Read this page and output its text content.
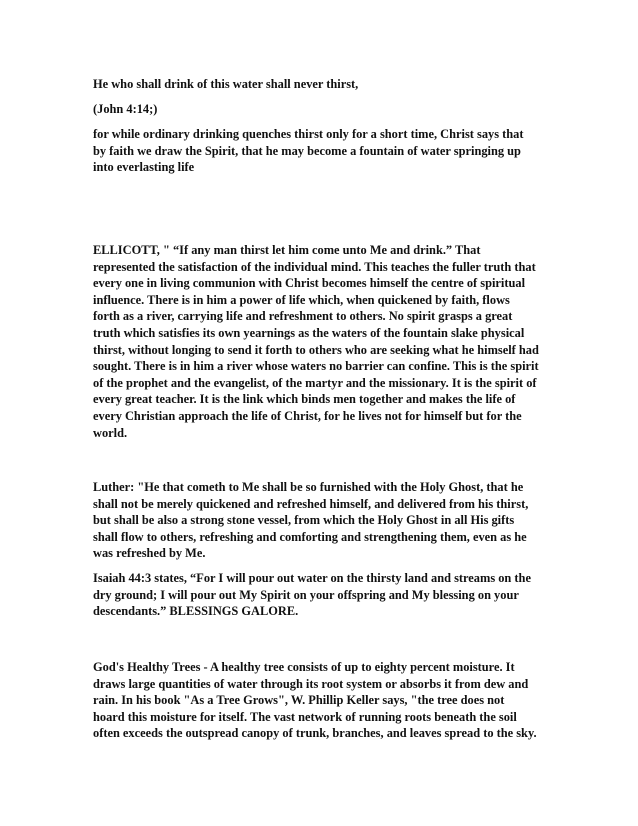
He who shall drink of this water shall never thirst,

(John 4:14;)

for while ordinary drinking quenches thirst only for a short time, Christ says that
by faith we draw the Spirit, that he may become a fountain of water springing up
into everlasting life

ELLICOTT, " “If any man thirst let him come unto Me and drink.” That
represented the satisfaction of the individual mind. This teaches the fuller truth that
every one in living communion with Christ becomes himself the centre of spiritual
influence. There is in him a power of life which, when quickened by faith, flows
forth as a river, carrying life and refreshment to others. No spirit grasps a great
truth which satisfies its own yearnings as the waters of the fountain slake physical
thirst, without longing to send it forth to others who are seeking what he himself had
sought. There is in him a river whose waters no barrier can confine. This is the spirit
of the prophet and the evangelist, of the martyr and the missionary. It is the spirit of
every great teacher. It is the link which binds men together and makes the life of
every Christian approach the life of Christ, for he lives not for himself but for the
world.

Luther: "He that cometh to Me shall be so furnished with the Holy Ghost, that he
shall not be merely quickened and refreshed himself, and delivered from his thirst,
but shall be also a strong stone vessel, from which the Holy Ghost in all His gifts
shall flow to others, refreshing and comforting and strengthening them, even as he
was refreshed by Me.

Isaiah 44:3 states, “For I will pour out water on the thirsty land and streams on the
dry ground; I will pour out My Spirit on your offspring and My blessing on your
descendants.” BLESSINGS GALORE.

God's Healthy Trees - A healthy tree consists of up to eighty percent moisture. It
draws large quantities of water through its root system or absorbs it from dew and
rain. In his book "As a Tree Grows", W. Phillip Keller says, "the tree does not
hoard this moisture for itself. The vast network of running roots beneath the soil
often exceeds the outspread canopy of trunk, branches, and leaves spread to the sky.
